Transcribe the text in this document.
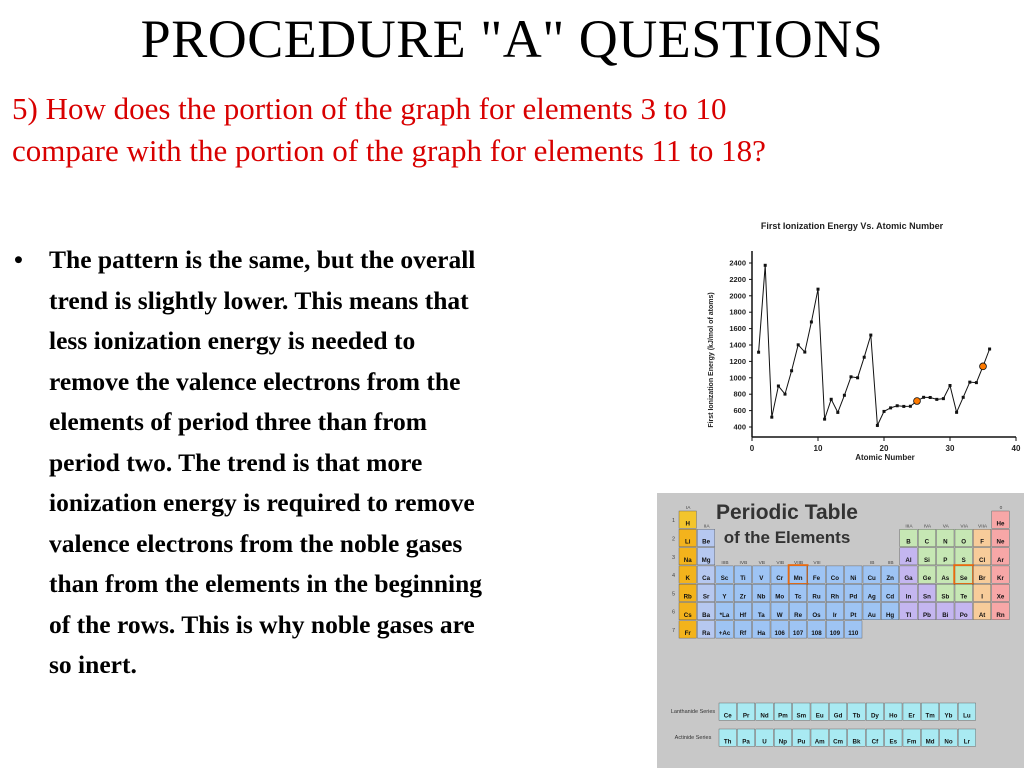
PROCEDURE "A" QUESTIONS
5) How does the portion of the graph for elements 3 to 10
compare with the portion of the graph for elements 11 to 18?
• The pattern is the same, but the overall
trend is slightly lower. This means that
less ionization energy is needed to
remove the valence electrons from the
elements of period three than from
period two. The trend is that more
ionization energy is required to remove
valence electrons from the noble gases
than from the elements in the beginning
of the rows. This is why noble gases are
so inert.
First Ionization Energy Vs. Atomic Number
First Ionization Energy (kJ/mol of atoms)
Atomic Number
400
600
800
1000
1200
1400
1600
1800
2000
2200
2400
0	10	20	30	40
Periodic Table
of the Elements
H	He
Li Be	B C N O F Ne
Na Mg	Al Si P S Cl Ar
K Ca Sc Ti V Cr Mn Fe Co Ni Cu Zn Ga Ge As Se Br Kr
Rb Sr Y Zr Nb Mo Tc Ru Rh Pd Ag Cd In Sn Sb Te I Xe
Cs Ba *La Hf Ta W Re Os Ir Pt Au Hg Tl Pb Bi Po At Rn
Fr Ra +Ac Rf Ha 106 107 108 109 110
IA
IIA
IIIB IVB VB VIB VIIB VIII	IB	IIB
IIIA IVA VA VIA VIIA
0
1
2
3
4
5
6
7
Ce Pr Nd Pm Sm Eu Gd Tb Dy Ho Er Tm Yb Lu
Th Pa U Np Pu Am Cm Bk Cf Es Fm Md No Lr
Lanthanide Series
Actinide Series
